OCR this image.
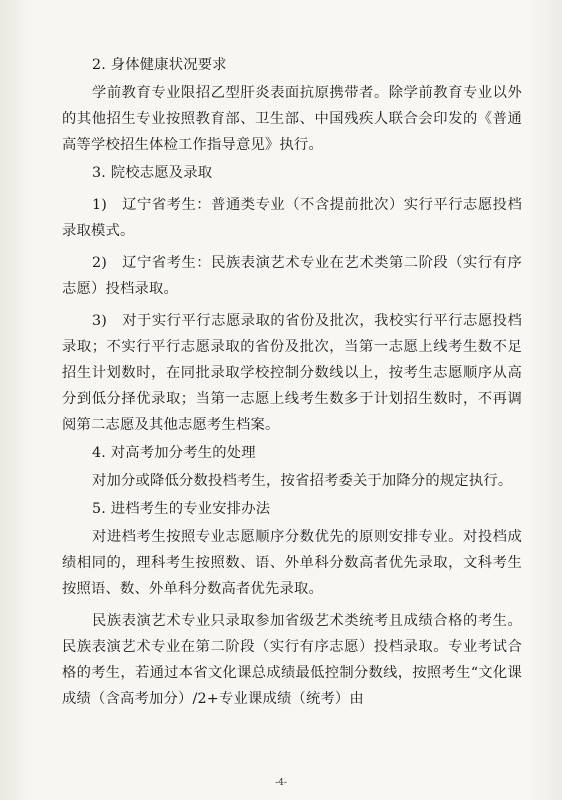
2. 身体健康状况要求

学前教育专业限招乙型肝炎表面抗原携带者。除学前教育专业以外的其他招生专业按照教育部、卫生部、中国残疾人联合会印发的《普通高等学校招生体检工作指导意见》执行。

3. 院校志愿及录取

1)　辽宁省考生：普通类专业（不含提前批次）实行平行志愿投档录取模式。

2)　辽宁省考生：民族表演艺术专业在艺术类第二阶段（实行有序志愿）投档录取。

3)　对于实行平行志愿录取的省份及批次，我校实行平行志愿投档录取；不实行平行志愿录取的省份及批次，当第一志愿上线考生数不足招生计划数时，在同批录取学校控制分数线以上，按考生志愿顺序从高分到低分择优录取；当第一志愿上线考生数多于计划招生数时，不再调阅第二志愿及其他志愿考生档案。

4. 对高考加分考生的处理

对加分或降低分数投档考生，按省招考委关于加降分的规定执行。

5. 进档考生的专业安排办法

对进档考生按照专业志愿顺序分数优先的原则安排专业。对投档成绩相同的，理科考生按照数、语、外单科分数高者优先录取，文科考生按照语、数、外单科分数高者优先录取。

民族表演艺术专业只录取参加省级艺术类统考且成绩合格的考生。民族表演艺术专业在第二阶段（实行有序志愿）投档录取。专业考试合格的考生，若通过本省文化课总成绩最低控制分数线，按照考生“文化课成绩（含高考加分）/2+专业课成绩（统考）由

-4-
